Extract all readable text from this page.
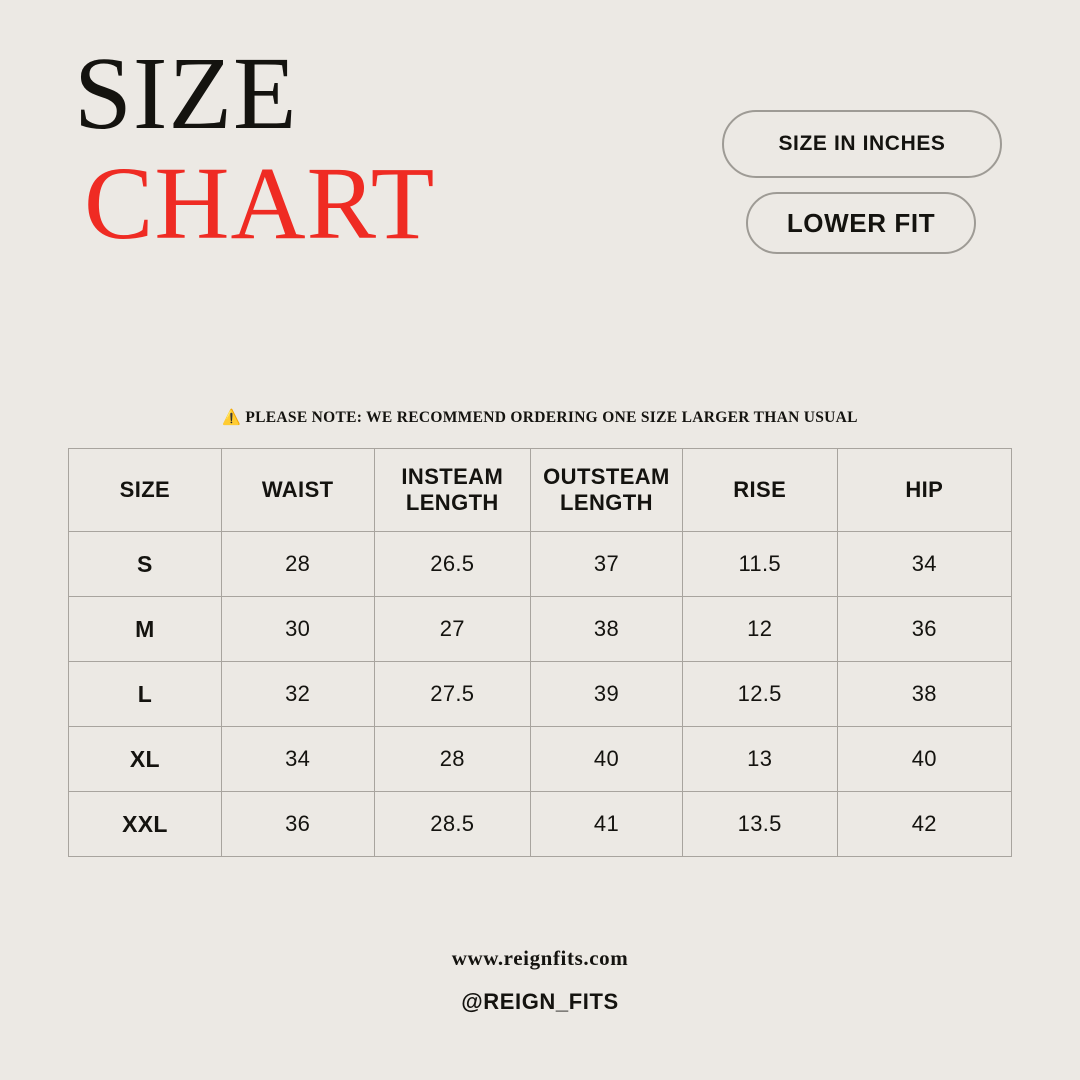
SIZE
CHART
SIZE IN INCHES
LOWER FIT
⚠️ PLEASE NOTE: WE RECOMMEND ORDERING ONE SIZE LARGER THAN USUAL
SIZE	WAIST	INSTEAM LENGTH	OUTSTEAM LENGTH	RISE	HIP
S	28	26.5	37	11.5	34
M	30	27	38	12	36
L	32	27.5	39	12.5	38
XL	34	28	40	13	40
XXL	36	28.5	41	13.5	42
www.reignfits.com
@REIGN_FITS
